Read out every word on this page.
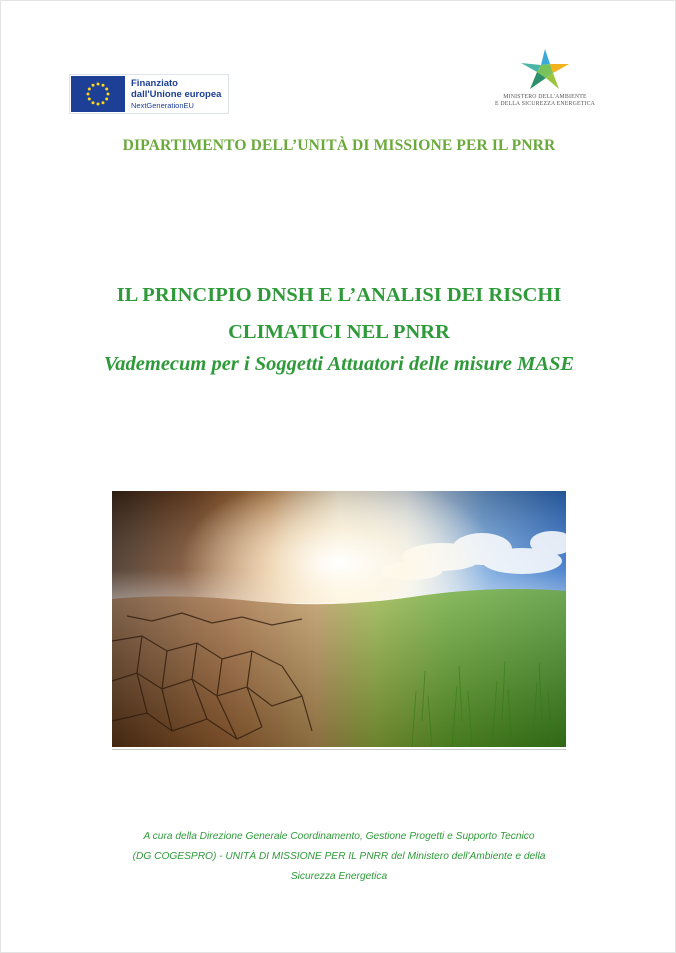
Finanziato
dall'Unione europea
NextGenerationEU
MINISTERO DELL'AMBIENTE
E DELLA SICUREZZA ENERGETICA
DIPARTIMENTO DELL’UNITÀ DI MISSIONE PER IL PNRR
IL PRINCIPIO DNSH E L’ANALISI DEI RISCHI
CLIMATICI NEL PNRR
Vademecum per i Soggetti Attuatori delle misure MASE
A cura della Direzione Generale Coordinamento, Gestione Progetti e Supporto Tecnico
(DG COGESPRO) - UNITÀ DI MISSIONE PER IL PNRR del Ministero dell'Ambiente e della
Sicurezza Energetica
